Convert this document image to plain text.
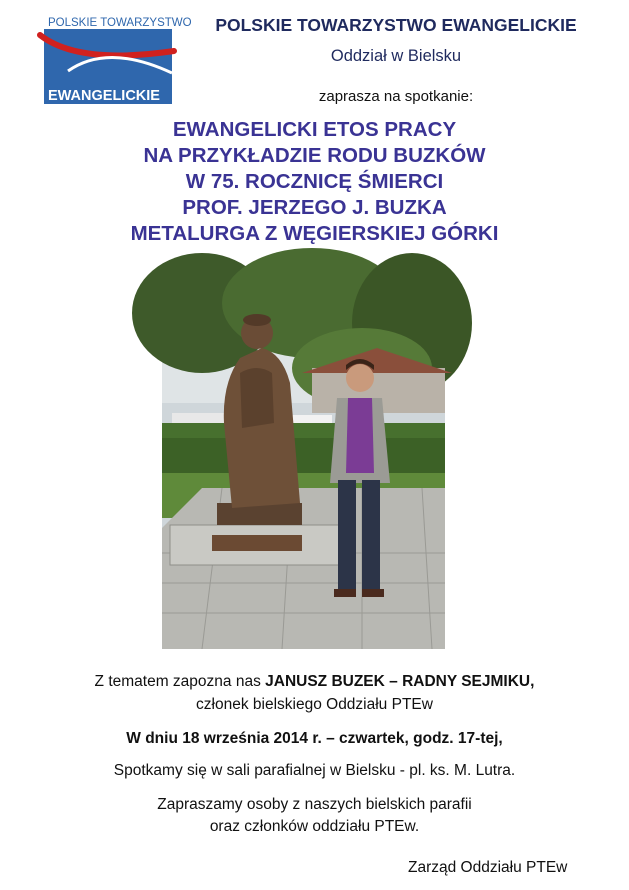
POLSKIE TOWARZYSTWO
EWANGELICKIE
POLSKIE TOWARZYSTWO EWANGELICKIE
Oddział w Bielsku
zaprasza na spotkanie:
EWANGELICKI ETOS PRACY
NA PRZYKŁADZIE RODU BUZKÓW
W 75. ROCZNICĘ ŚMIERCI
PROF. JERZEGO J. BUZKA
METALURGA Z WĘGIERSKIEJ GÓRKI
Z tematem zapozna nas JANUSZ BUZEK – RADNY SEJMIKU,
członek bielskiego Oddziału PTEw
W dniu 18 września 2014 r. – czwartek, godz. 17-tej,
Spotkamy się w sali parafialnej w Bielsku - pl. ks. M. Lutra.
Zapraszamy osoby z naszych bielskich parafii
oraz członków oddziału PTEw.
Zarząd Oddziału PTEw
